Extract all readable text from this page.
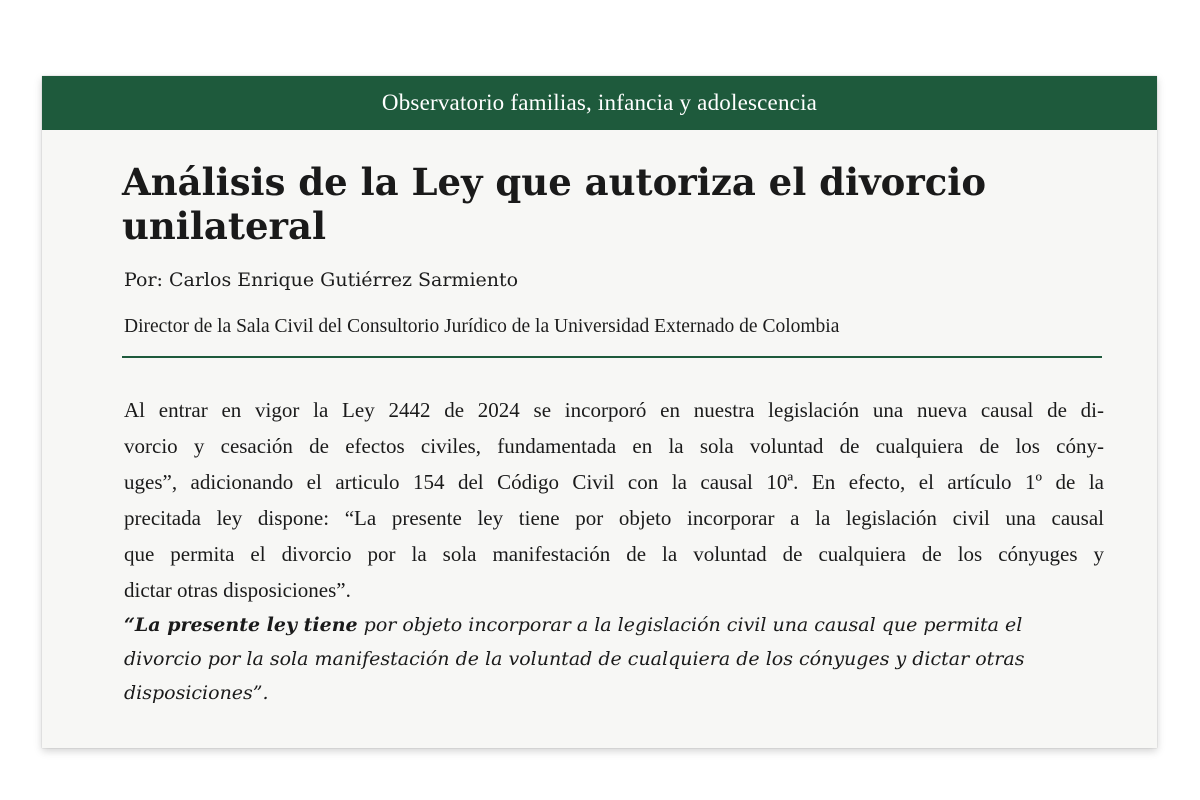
Observatorio familias, infancia y adolescencia
Análisis de la Ley que autoriza el divorcio
unilateral
Por: Carlos Enrique Gutiérrez Sarmiento
Director de la Sala Civil del Consultorio Jurídico de la Universidad Externado de Colombia

Al entrar en vigor la Ley 2442 de 2024 se incorporó en nuestra legislación una nueva causal de di-
vorcio y cesación de efectos civiles, fundamentada en la sola voluntad de cualquiera de los cóny-
uges”, adicionando el articulo 154 del Código Civil con la causal 10ª. En efecto, el artículo 1º de la
precitada ley dispone: “La presente ley tiene por objeto incorporar a la legislación civil una causal
que permita el divorcio por la sola manifestación de la voluntad de cualquiera de los cónyuges y
dictar otras disposiciones”.

“La presente ley tiene por objeto incorporar a la legislación civil una causal que permita el
divorcio por la sola manifestación de la voluntad de cualquiera de los cónyuges y dictar otras
disposiciones”.
